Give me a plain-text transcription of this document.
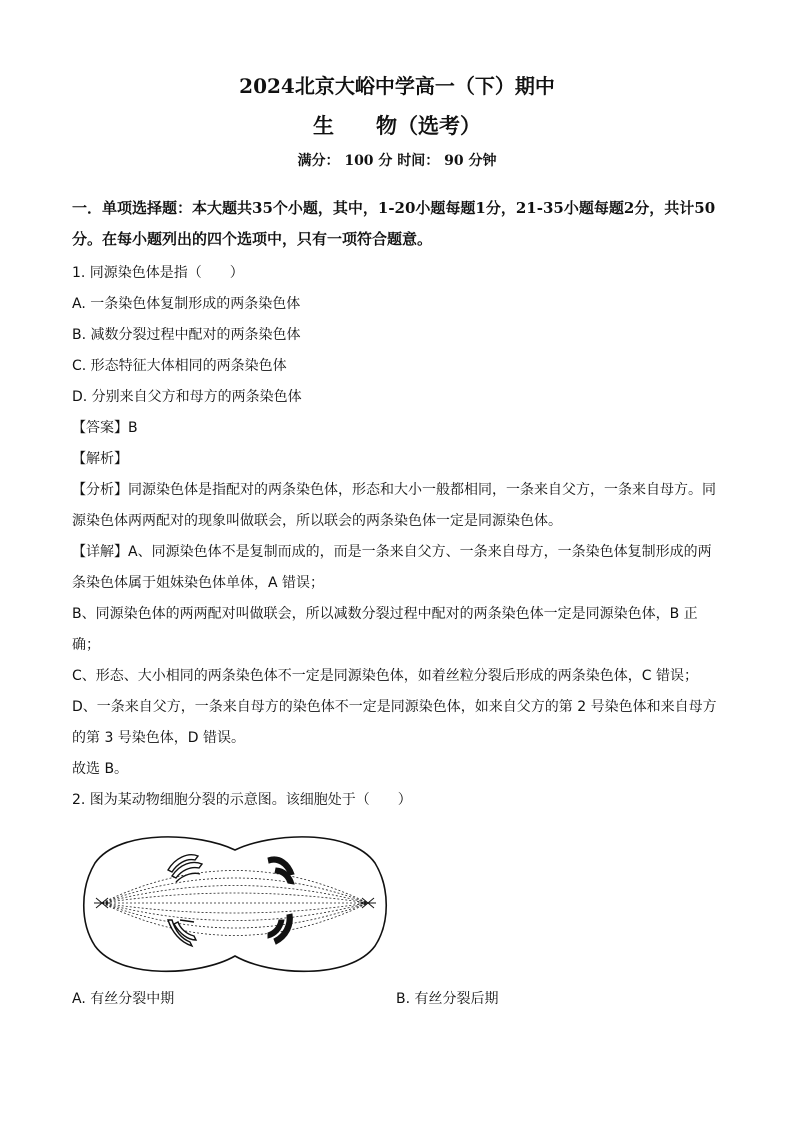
2024北京大峪中学高一（下）期中
生　　物（选考）
满分： 100 分 时间： 90 分钟
一．单项选择题：本大题共35个小题，其中，1-20小题每题1分，21-35小题每题2分，共计50分。在每小题列出的四个选项中，只有一项符合题意。
1. 同源染色体是指（　　）
A. 一条染色体复制形成的两条染色体
B. 减数分裂过程中配对的两条染色体
C. 形态特征大体相同的两条染色体
D. 分别来自父方和母方的两条染色体
【答案】B
【解析】
【分析】同源染色体是指配对的两条染色体，形态和大小一般都相同，一条来自父方，一条来自母方。同
源染色体两两配对的现象叫做联会，所以联会的两条染色体一定是同源染色体。
【详解】A、同源染色体不是复制而成的，而是一条来自父方、一条来自母方，一条染色体复制形成的两
条染色体属于姐妹染色体单体，A 错误；
B、同源染色体的两两配对叫做联会，所以减数分裂过程中配对的两条染色体一定是同源染色体，B 正
确；
C、形态、大小相同的两条染色体不一定是同源染色体，如着丝粒分裂后形成的两条染色体，C 错误；
D、一条来自父方，一条来自母方的染色体不一定是同源染色体，如来自父方的第 2 号染色体和来自母方
的第 3 号染色体，D 错误。
故选 B。
2. 图为某动物细胞分裂的示意图。该细胞处于（　　）
A. 有丝分裂中期	B. 有丝分裂后期
